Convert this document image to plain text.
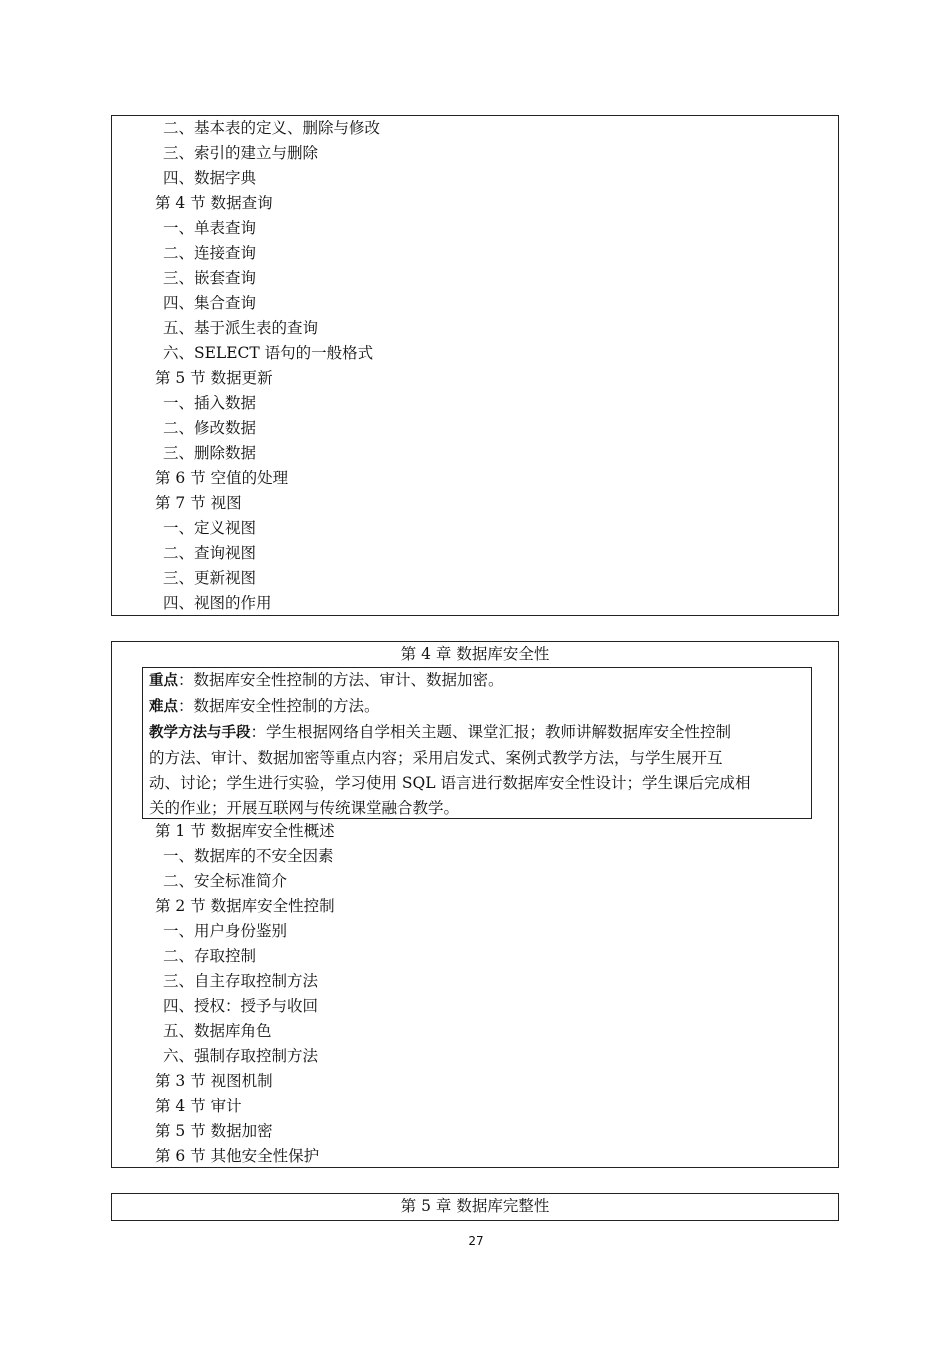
二、基本表的定义、删除与修改
三、索引的建立与删除
四、数据字典
第 4 节 数据查询
一、单表查询
二、连接查询
三、嵌套查询
四、集合查询
五、基于派生表的查询
六、SELECT 语句的一般格式
第 5 节 数据更新
一、插入数据
二、修改数据
三、删除数据
第 6 节 空值的处理
第 7 节 视图
一、定义视图
二、查询视图
三、更新视图
四、视图的作用
第 4 章 数据库安全性

重点：数据库安全性控制的方法、审计、数据加密。

难点：数据库安全性控制的方法。

教学方法与手段：学生根据网络自学相关主题、课堂汇报；教师讲解数据库安全性控制

的方法、审计、数据加密等重点内容；采用启发式、案例式教学方法，与学生展开互

动、讨论；学生进行实验，学习使用 SQL 语言进行数据库安全性设计；学生课后完成相

关的作业；开展互联网与传统课堂融合教学。

第 1 节 数据库安全性概述
一、数据库的不安全因素
二、安全标准简介
第 2 节 数据库安全性控制
一、用户身份鉴别
二、存取控制
三、自主存取控制方法
四、授权：授予与收回
五、数据库角色
六、强制存取控制方法
第 3 节 视图机制
第 4 节 审计
第 5 节 数据加密
第 6 节 其他安全性保护
第 5 章 数据库完整性
27
